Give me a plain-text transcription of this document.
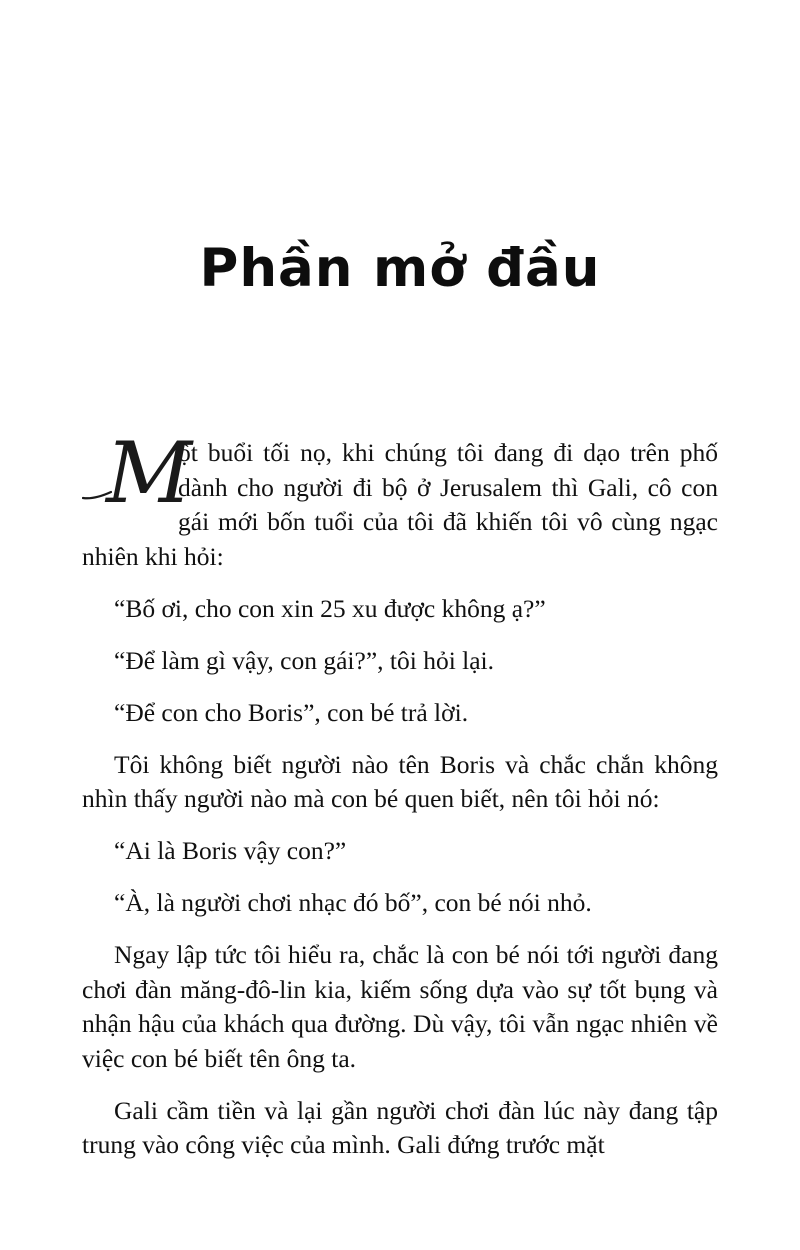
Phần mở đầu

M
ột buổi tối nọ, khi chúng tôi đang đi dạo trên phố dành cho người đi bộ ở Jerusalem thì Gali, cô con gái mới bốn tuổi của tôi đã khiến tôi vô cùng ngạc nhiên khi hỏi:

“Bố ơi, cho con xin 25 xu được không ạ?”

“Để làm gì vậy, con gái?”, tôi hỏi lại.

“Để con cho Boris”, con bé trả lời.

Tôi không biết người nào tên Boris và chắc chắn không nhìn thấy người nào mà con bé quen biết, nên tôi hỏi nó:

“Ai là Boris vậy con?”

“À, là người chơi nhạc đó bố”, con bé nói nhỏ.

Ngay lập tức tôi hiểu ra, chắc là con bé nói tới người đang chơi đàn măng-đô-lin kia, kiếm sống dựa vào sự tốt bụng và nhận hậu của khách qua đường. Dù vậy, tôi vẫn ngạc nhiên về việc con bé biết tên ông ta.

Gali cầm tiền và lại gần người chơi đàn lúc này đang tập trung vào công việc của mình. Gali đứng trước mặt
